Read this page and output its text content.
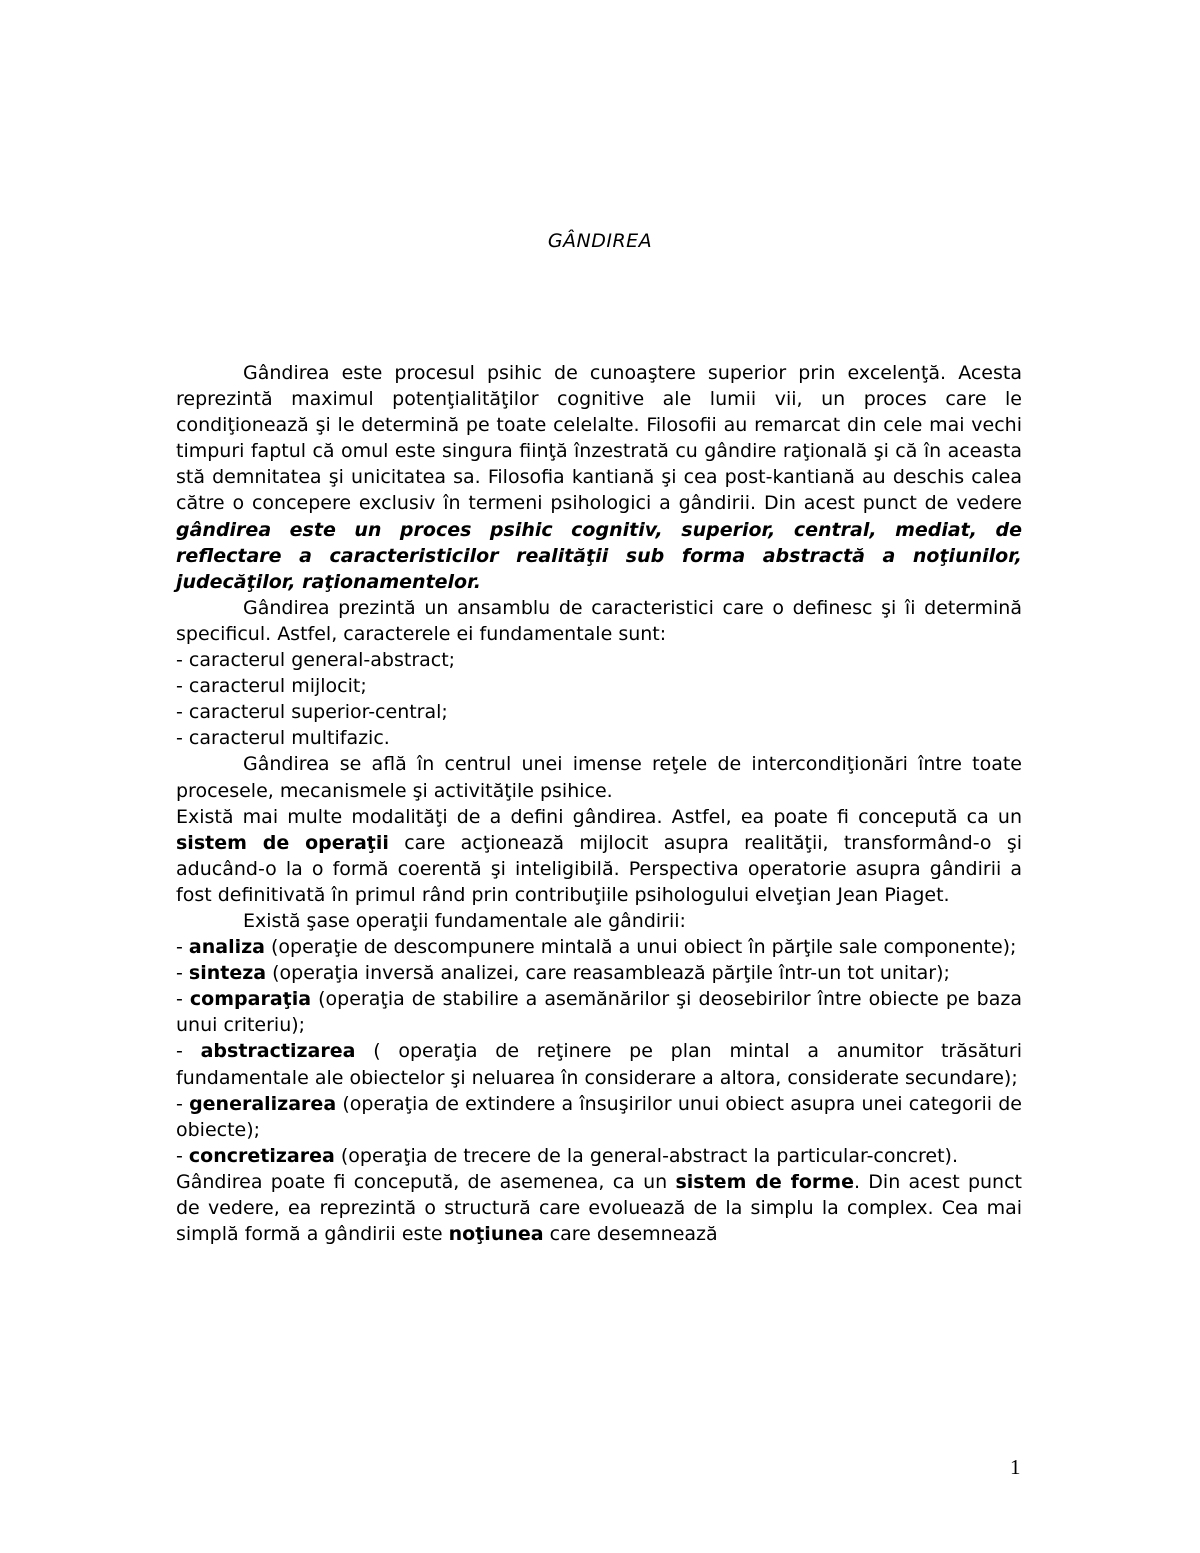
GÂNDIREA

Gândirea este procesul psihic de cunoaştere superior prin excelenţă. Acesta reprezintă maximul potenţialităţilor cognitive ale lumii vii, un proces care le condiţionează şi le determină pe toate celelalte. Filosofii au remarcat din cele mai vechi timpuri faptul că omul este singura fiinţă înzestrată cu gândire raţională şi că în aceasta stă demnitatea şi unicitatea sa. Filosofia kantiană şi cea post-kantiană au deschis calea către o concepere exclusiv în termeni psihologici a gândirii. Din acest punct de vedere gândirea este un proces psihic cognitiv, superior, central, mediat, de reflectare a caracteristicilor realităţii sub forma abstractă a noţiunilor, judecăţilor, raţionamentelor.

Gândirea prezintă un ansamblu de caracteristici care o definesc şi îi determină specificul. Astfel, caracterele ei fundamentale sunt:

- caracterul general-abstract;

- caracterul mijlocit;

- caracterul superior-central;

- caracterul multifazic.

Gândirea se află în centrul unei imense reţele de intercondiţionări între toate procesele, mecanismele şi activităţile psihice.

Există mai multe modalităţi de a defini gândirea. Astfel, ea poate fi concepută ca un sistem de operaţii care acţionează mijlocit asupra realităţii, transformând-o şi aducând-o la o formă coerentă şi inteligibilă. Perspectiva operatorie asupra gândirii a fost definitivată în primul rând prin contribuţiile psihologului elveţian Jean Piaget.

Există şase operaţii fundamentale ale gândirii:

- analiza (operaţie de descompunere mintală a unui obiect în părţile sale componente);

- sinteza (operaţia inversă analizei, care reasamblează părţile într-un tot unitar);

- comparaţia (operaţia de stabilire a asemănărilor şi deosebirilor între obiecte pe baza unui criteriu);

- abstractizarea ( operaţia de reţinere pe plan mintal a anumitor trăsături fundamentale ale obiectelor şi neluarea în considerare a altora, considerate secundare);

- generalizarea (operaţia de extindere a însuşirilor unui obiect asupra unei categorii de obiecte);

- concretizarea (operaţia de trecere de la general-abstract la particular-concret).

Gândirea poate fi concepută, de asemenea, ca un sistem de forme. Din acest punct de vedere, ea reprezintă o structură care evoluează de la simplu la complex. Cea mai simplă formă a gândirii este noţiunea care desemnează

1
